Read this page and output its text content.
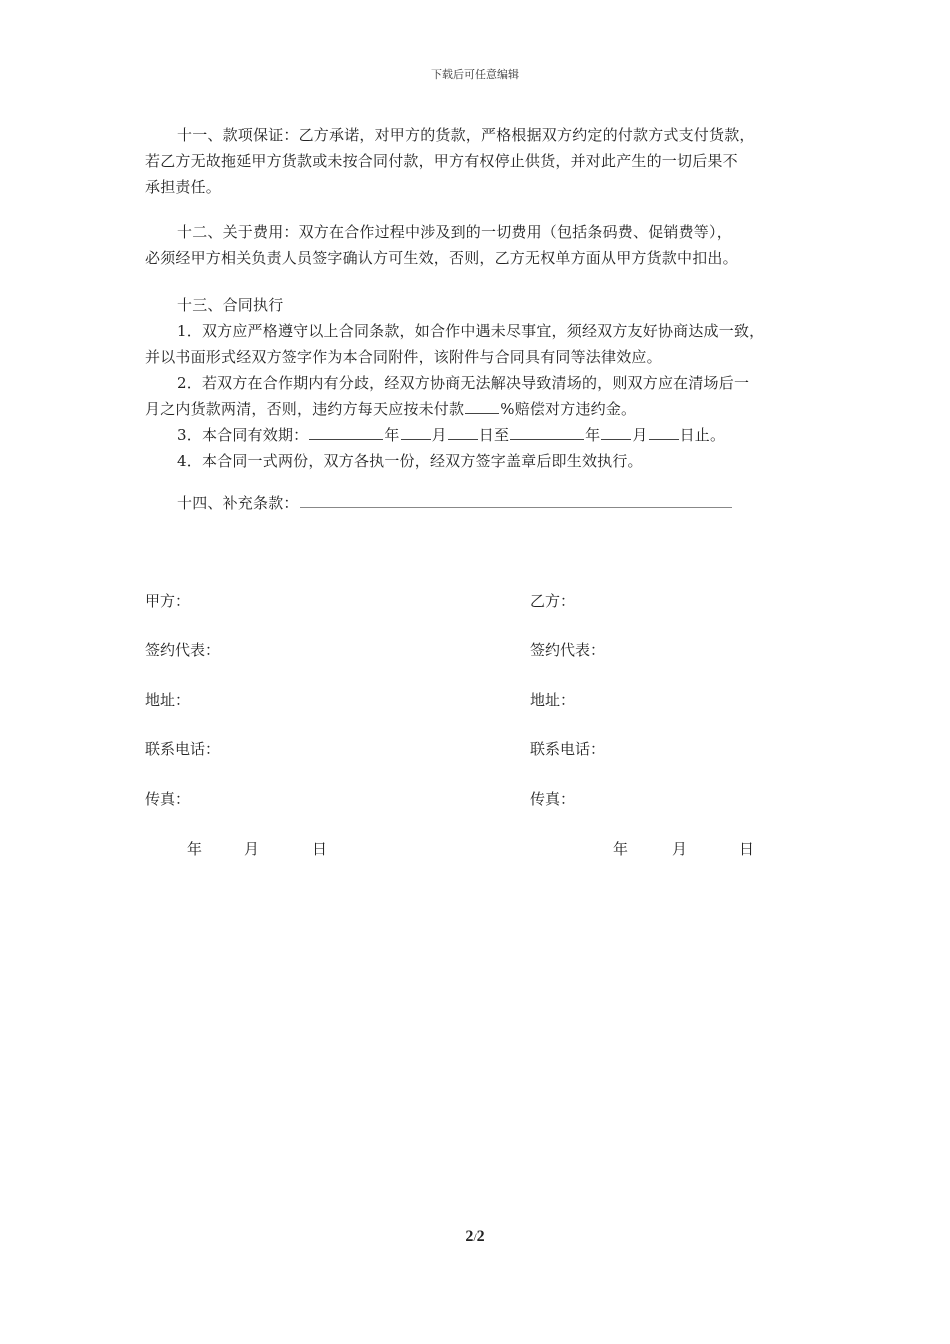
下载后可任意编辑
十一、款项保证：乙方承诺，对甲方的货款，严格根据双方约定的付款方式支付货款，
若乙方无故拖延甲方货款或未按合同付款，甲方有权停止供货，并对此产生的一切后果不
承担责任。
十二、关于费用：双方在合作过程中涉及到的一切费用（包括条码费、促销费等），
必须经甲方相关负责人员签字确认方可生效，否则，乙方无权单方面从甲方货款中扣出。
十三、合同执行
1．双方应严格遵守以上合同条款，如合作中遇未尽事宜，须经双方友好协商达成一致，
并以书面形式经双方签字作为本合同附件，该附件与合同具有同等法律效应。
2．若双方在合作期内有分歧，经双方协商无法解决导致清场的，则双方应在清场后一
月之内货款两清，否则，违约方每天应按未付款 %赔偿对方违约金。
3．本合同有效期：	年 月 日至	年 月 日止。
4．本合同一式两份，双方各执一份，经双方签字盖章后即生效执行。
十四、补充条款：
甲方：
签约代表：
地址：
联系电话：
传真：
年	月	日
乙方：
签约代表：
地址：
联系电话：
传真：
年	月	日
2/2
